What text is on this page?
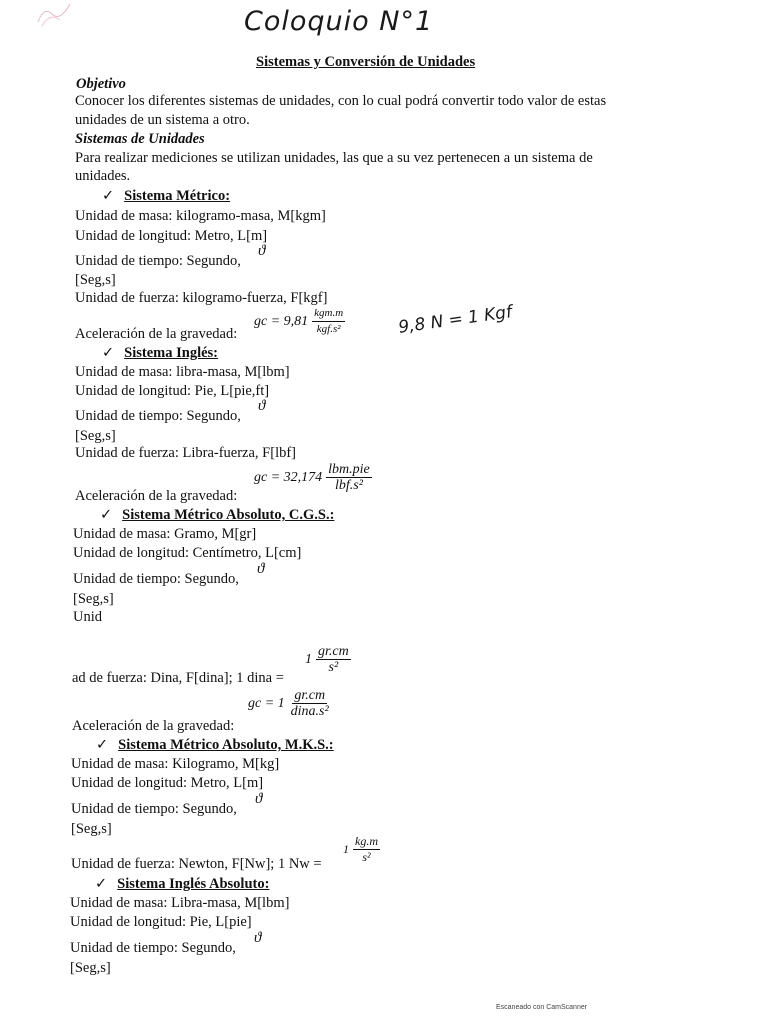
Coloquio N°1
9,8 N = 1 Kgf
Sistemas y Conversión de Unidades
Objetivo
Conocer los diferentes sistemas de unidades, con lo cual podrá convertir todo valor de estas
unidades de un sistema a otro.
Sistemas de Unidades
Para realizar mediciones se utilizan unidades, las que a su vez pertenecen a un sistema de
unidades.
✓ Sistema Métrico:
Unidad de masa: kilogramo-masa, M[kgm]
Unidad de longitud: Metro, L[m]
Unidad de tiempo: Segundo,
ϑ
[Seg,s]
Unidad de fuerza: kilogramo-fuerza, F[kgf]
Aceleración de la gravedad:
gc = $9,81 \frac{\text{kgm.m}}{\text{kgf.s²}}$
✓ Sistema Inglés:
Unidad de masa: libra-masa, M[lbm]
Unidad de longitud: Pie, L[pie,ft]
Unidad de tiempo: Segundo,
ϑ
[Seg,s]
Unidad de fuerza: Libra-fuerza, F[lbf]
Aceleración de la gravedad:
gc = $32,174 \frac{\text{lbm.pie}}{\text{lbf.s²}}$
✓ Sistema Métrico Absoluto, C.G.S.:
Unidad de masa: Gramo, M[gr]
Unidad de longitud: Centímetro, L[cm]
Unidad de tiempo: Segundo,
ϑ
[Seg,s]
Unid
ad de fuerza: Dina, F[dina]; 1 dina =
$1 \frac{gr.cm}{\text{s²}}$
gc = $1 \frac{gr.cm}{\text{dina.s²}}$
Aceleración de la gravedad:
✓ Sistema Métrico Absoluto, M.K.S.:
Unidad de masa: Kilogramo, M[kg]
Unidad de longitud: Metro, L[m]
Unidad de tiempo: Segundo,
ϑ
[Seg,s]
Unidad de fuerza: Newton, F[Nw]; 1 Nw =
$1 \frac{kg.m}{\text{s²}}$
✓ Sistema Inglés Absoluto:
Unidad de masa: Libra-masa, M[lbm]
Unidad de longitud: Pie, L[pie]
Unidad de tiempo: Segundo,
ϑ
[Seg,s]
Escaneado con CamScanner
